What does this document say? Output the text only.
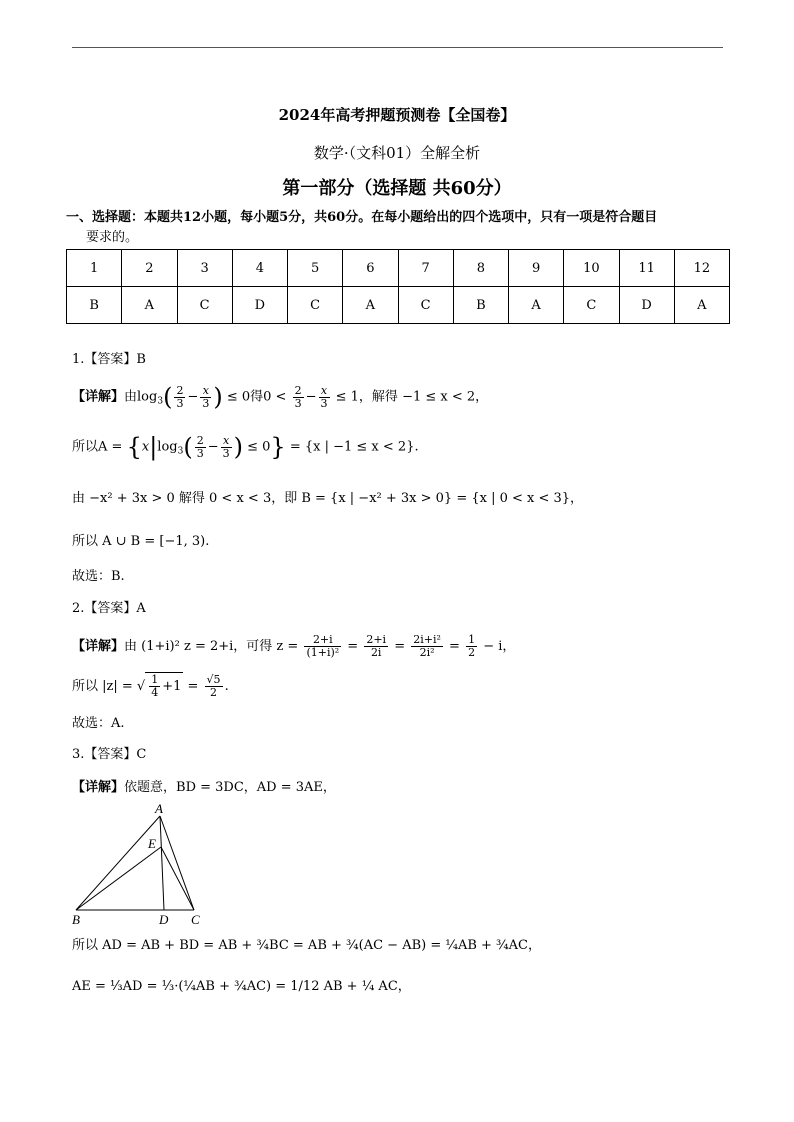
2024年高考押题预测卷【全国卷】
数学·（文科01）全解全析
第一部分（选择题 共60分）
一、选择题：本题共12小题，每小题5分，共60分。在每小题给出的四个选项中，只有一项是符合题目
要求的。
1	2	3	4	5	6	7	8	9	10	11	12
B	A	C	D	C	A	C	B	A	C	D	A
1.【答案】B
【详解】由$\log_3( \frac{2}{3} - \frac{x}{3}$ ) ≤ 0得$0 < \frac{2}{3} - \frac{x}{3} \le 1$，解得 −1 ≤ x < 2，
所以$A = \{x|\log_3( \frac{2}{3} - \frac{x}{3}$ ) ≤ 0} = {x | −1 ≤ x < 2}.
由 −x² + 3x > 0 解得 0 < x < 3，即 B = {x | −x² + 3x > 0} = {x | 0 < x < 3}，
所以 A ∪ B = [−1, 3).
故选：B.
2.【答案】A
【详解】由 (1+i)² z = 2+i，可得 $z = \frac{2+i}{\text{(1+i)²}} = \frac{2+i}{2i} = \frac{\text{2i+i²}}{\text{2i²}} = \frac{1}{2} - i$，
所以 |z| = √ $\frac{1}{4} +1 = \frac{√5}{2}$ .
故选：A.
3.【答案】C
【详解】依题意，BD = 3DC，AD = 3AE，
A
E
B	D C
所以 AD = AB + BD = AB + ¾BC = AB + ¾(AC − AB) = ¼AB + ¾AC，
AE = ⅓AD = ⅓·(¼AB + ¾AC) = 1/12 AB + ¼ AC，
